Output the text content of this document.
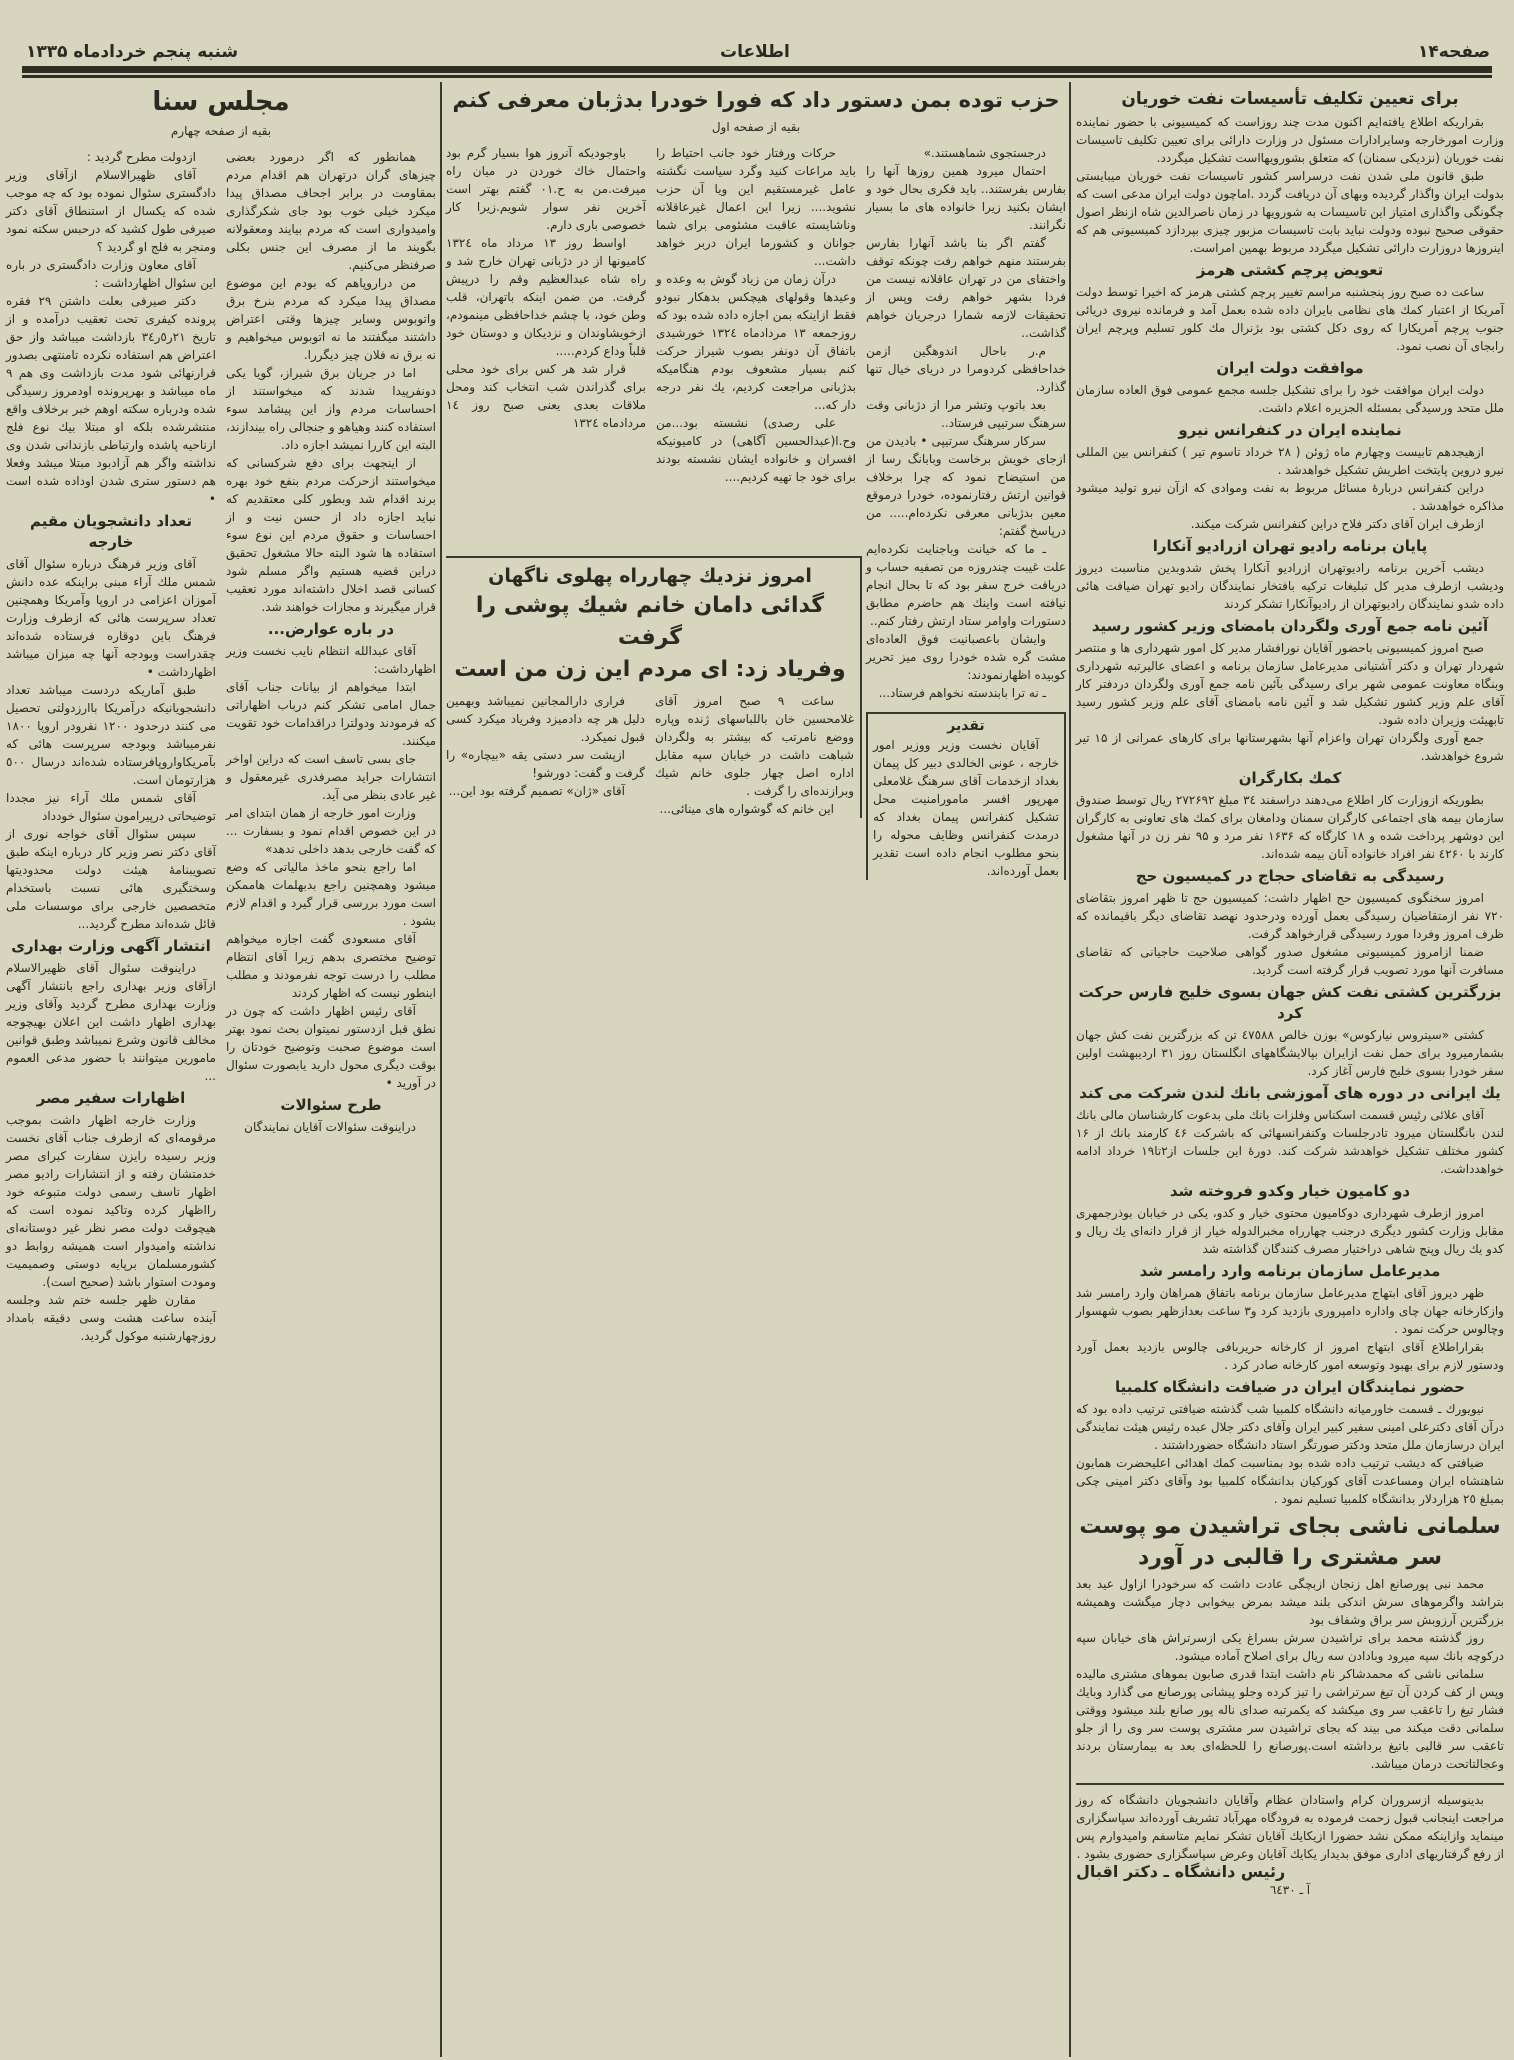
صفحه۱۴
اطلاعات
شنبه پنجم خردادماه ۱۳۳۵
برای تعیین تکلیف تأسیسات نفت خوریان

بقراریکه اطلاع یافته‌ایم اکنون مدت چند روزاست که کمیسیونی با حضور نماینده وزارت امورخارجه وسایرادارات مسئول در وزارت دارائی برای تعیین تکلیف تاسیسات نفت خوریان (نزدیکی سمنان) که متعلق بشورویهااست تشکیل میگردد.

طبق قانون ملی شدن نفت درسراسر کشور تاسیسات نفت خوریان میبایستی بدولت ایران واگذار گردیده وبهای آن دریافت گردد .اماچون دولت ایران مدعی است که چگونگی واگذاری امتیاز این تاسیسات به شورویها در زمان ناصرالدین شاه ازنظر اصول حقوقی صحیح نبوده ودولت نباید بابت تاسیسات مزبور چیزی بپردازد کمیسیونی هم که اینروزها دروزارت دارائی تشکیل میگردد مربوط بهمین امراست.

تعویض پرچم کشتی هرمز

ساعت ده صبح روز پنجشنبه مراسم تغییر پرچم کشتی هرمز که اخیرا توسط دولت آمریکا از اعتبار کمك های نظامی بایران داده شده بعمل آمد و فرمانده نیروی دریائی جنوب پرچم آمریکارا که روی دکل کشتی بود بژنرال مك کلور تسلیم وپرچم ایران رابجای آن نصب نمود.

موافقت دولت ایران

دولت ایران موافقت خود را برای تشکیل جلسه مجمع عمومی فوق العاده سازمان ملل متحد ورسیدگی بمسئله الجزیره اعلام داشت.

نماینده ایران در کنفرانس نیرو

ازهیجدهم تابیست وچهارم ماه ژوئن ( ۲۸ خرداد تاسوم تیر ) کنفرانس بین المللی نیرو دروین پایتخت اطریش تشکیل خواهدشد .

دراین کنفرانس دربارهٔ مسائل مربوط به نفت وموادی که ازآن نیرو تولید میشود مذاکره خواهدشد .

ازطرف ایران آقای دکتر فلاح دراین کنفرانس شرکت میکند.

پایان برنامه رادیو تهران ازرادیو آنکارا

دیشب آخرین برنامه رادیوتهران ازرادیو آنکارا پخش شدوبدین مناسبت دیروز ودیشب ازطرف مدیر کل تبلیغات ترکیه بافتخار نمایندگان رادیو تهران ضیافت هائی داده شدو نمایندگان رادیوتهران از رادیوآنکارا تشکر کردند

آئین نامه جمع آوری ولگردان بامضای وزیر کشور رسید

صبح امروز کمیسیونی باحضور آقایان نورافشار مدیر کل امور شهرداری ها و منتصر شهردار تهران و دکتر آشتیانی مدیرعامل سازمان برنامه و اعضای عالیرتبه شهرداری وبنگاه معاونت عمومی شهر برای رسیدگی بآئین نامه جمع آوری ولگردان دردفتر کار آقای علم وزیر کشور تشکیل شد و آئین نامه بامضای آقای علم وزیر کشور رسید تابهیئت وزیران داده شود.

جمع آوری ولگردان تهران واعزام آنها بشهرستانها برای کارهای عمرانی از ۱۵ تیر شروع خواهدشد.

کمك بکارگران

بطوریکه ازوزارت کار اطلاع می‌دهند دراسفند ۳٤ مبلغ ۲۷۲۶۹۲ ریال توسط صندوق سازمان بیمه های اجتماعی کارگران سمنان ودامغان برای کمك های تعاونی به کارگران این دوشهر پرداخت شده و ۱۸ کارگاه که ۱۶۳۶ نفر مرد و ۹۵ نفر زن در آنها مشغول کارند با ٤۲۶۰ نفر افراد خانواده آنان بیمه شده‌اند.

رسیدگی به تقاضای حجاج در کمیسیون حج

امروز سخنگوی کمیسیون حج اظهار داشت: کمیسیون حج تا ظهر امروز بتقاضای ۷۲۰ نفر ازمتقاضیان رسیدگی بعمل آورده ودرحدود نهصد تقاضای دیگر باقیمانده که ظرف امروز وفردا مورد رسیدگی قرارخواهد گرفت.

ضمنا ازامروز کمیسیونی مشغول صدور گواهی صلاحیت حاجیانی که تقاضای مسافرت آنها مورد تصویب قرار گرفته است گردید.

بزرگترین کشتی نفت کش جهان بسوی خلیج فارس حرکت کرد

کشتی «سیتروس نیارکوس» بوزن خالص ٤۷٥۸۸ تن که بزرگترین نفت کش جهان بشمارمیرود برای حمل نفت ازایران بپالایشگاههای انگلستان روز ۳۱ اردیبهشت اولین سفر خودرا بسوی خلیج فارس آغاز کرد.

یك ایرانی در دوره های آموزشی بانك لندن شرکت می کند

آقای علائی رئیس قسمت اسکناس وفلزات بانك ملی بدعوت کارشناسان مالی بانك لندن بانگلستان میرود تادرجلسات وکنفرانسهائی که باشرکت ٤۶ کارمند بانك از ۱۶ کشور مختلف تشکیل خواهدشد شرکت کند. دورهٔ این جلسات از۲تا۱۹ خرداد ادامه خواهدداشت.

دو کامیون خیار وکدو فروخته شد

امروز ازطرف شهرداری دوکامیون محتوی خیار و کدو، یکی در خیابان بوذرجمهری مقابل وزارت کشور دیگری درجنب چهارراه مخبرالدوله خیار از قرار دانه‌ای یك ریال و کدو یك ریال وپنج شاهی دراختیار مصرف کنندگان گذاشته شد

مدیرعامل سازمان برنامه وارد رامسر شد

ظهر دیروز آقای ابتهاج مدیرعامل سازمان برنامه باتفاق همراهان وارد رامسر شد وازکارخانه جهان چای واداره دامپروری بازدید کرد و۳ ساعت بعدازظهر بصوب شهسوار وچالوس حرکت نمود .

بقراراطلاع آقای ابتهاج امروز از کارخانه حریربافی چالوس بازدید بعمل آورد ودستور لازم برای بهبود وتوسعه امور کارخانه صادر کرد .

حضور نمایندگان ایران در ضیافت دانشگاه کلمبیا

نیویورك ـ قسمت خاورمیانه دانشگاه کلمبیا شب گذشته ضیافتی ترتیب داده بود که درآن آقای دکترعلی امینی سفیر کبیر ایران وآقای دکتر جلال عبده رئیس هیئت نمایندگی ایران درسازمان ملل متحد ودکتر صورتگر استاد دانشگاه حضورداشتند .

ضیافتی که دیشب ترتیب داده شده بود بمناسبت کمك اهدائی اعلیحضرت همایون شاهنشاه ایران ومساعدت آقای کورکیان بدانشگاه کلمبیا بود وآقای دکتر امینی چکی بمبلغ ۲٥ هزاردلار بدانشگاه کلمبیا تسلیم نمود .

سلمانی ناشی بجای تراشیدن مو پوست سر مشتری را قالبی در آورد

محمد نبی پورصانع اهل زنجان ازبچگی عادت داشت که سرخودرا ازاول عید بعد بتراشد واگرموهای سرش اندکی بلند میشد بمرض بیخوابی دچار میگشت وهمیشه بزرگترین آرزوبش سر براق وشفاف بود

روز گذشته محمد برای تراشیدن سرش بسراغ یکی ازسرتراش های خیابان سپه درکوچه بانك سپه میرود وبادادن سه ریال برای اصلاح آماده میشود.

سلمانی ناشی که محمدشاکر نام داشت ابتدا قدری صابون بموهای مشتری مالیده وپس از کف کردن آن تیغ سرتراشی را تیز کرده وجلو پیشانی پورصانع می گذارد وبایك فشار تیغ را تاعقب سر وی میکشد که یکمرتبه صدای ناله پور صانع بلند میشود ووقتی سلمانی دقت میکند می بیند که بجای تراشیدن سر مشتری پوست سر وی را از جلو تاعقب سر قالبی باتیغ برداشته است.پورصانع را للحظه‌ای بعد به بیمارستان بردند وعجالتاتحت درمان میباشد.

بدینوسیله ازسروران کرام واستادان عظام وآقایان دانشجویان دانشگاه که روز مراجعت اینجانب قبول زحمت فرموده به فرودگاه مهرآباد تشریف آورده‌اند سپاسگزاری مینماید وازاینکه ممکن نشد حضورا ازیکایك آقایان تشکر نمایم متاسفم وامیدوارم پس از رفع گرفتاریهای اداری موفق بدیدار یکایك آقایان وعرض سپاسگزاری حضوری بشود .

رئیس دانشگاه ـ دکتر اقبال

آ ـ ٦٤۳۰

حزب توده بمن دستور داد که فورا خودرا بدژبان معرفی کنم
بقیه از صفحه اول

درجستجوی شماهستند.»

احتمال میرود همین روزها آنها را بفارس بفرستند.. باید فکری بحال خود و ایشان بکنید زیرا خانواده های ما بسیار نگرانند.

گفتم اگر بنا باشد آنهارا بفارس بفرستند منهم خواهم رفت چونکه توقف واختفای من در تهران عاقلانه نیست من فردا بشهر خواهم رفت وپس از تحقیقات لازمه شمارا درجریان خواهم گذاشت..

م.ر باحال اندوهگین ازمن خداحافظی کردومرا در دریای خیال تنها گذارد.

بعد باتوپ وتشر مرا از دژبانی وقت سرهنگ سرتیپی فرستاد..

سرکار سرهنگ سرتیپی • بادیدن من ازجای خویش برخاست وبابانگ رسا از من استیضاح نمود که چرا برخلاف قوانین ارتش رفتارنموده، خودرا درموقع معین بدژبانی معرفی نکرده‌ام..... من درپاسخ گفتم:

ـ ما که خیانت وباجنایت نکرده‌ایم علت غیبت چندروزه من تصفیه حساب و دریافت خرج سفر بود که تا بحال انجام نیافته است واینك هم حاضرم مطابق دستورات واوامر ستاد ارتش رفتار کنم..

وایشان باعصبانیت فوق العاده‌ای مشت گره شده خودرا روی میز تحریر کوبیده اظهارنمودند:

ـ نه ترا بابندسته نخواهم فرستاد...

تقدیر

آقایان نخست وزیر ووزیر امور خارجه ، عونی الخالدی دبیر کل پیمان بغداد ازخدمات آقای سرهنگ غلامعلی مهرپور افسر مامورامنیت محل تشکیل کنفرانس پیمان بغداد که درمدت کنفرانس وظایف محوله را بنحو مطلوب انجام داده است تقدیر بعمل آورده‌اند.

حرکات ورفتار خود جانب احتیاط را باید مراعات کنید وگرد سیاست نگشته عامل غیرمستقیم این ویا آن حزب نشوید.... زیرا این اعمال غیرعاقلانه وناشایسته عاقبت مشئومی برای شما جوانان و کشورما ایران دربر خواهد داشت...

درآن زمان من زیاد گوش به وعده و وعیدها وقولهای هیچکس بدهکار نبودو فقط ازاینکه بمن اجازه داده شده بود که روزجمعه ۱۳ مردادماه ۱۳۲٤ خورشیدی باتفاق آن دونفر بصوب شیراز حرکت کنم بسیار مشعوف بودم هنگامیکه بدژبانی مراجعت کردیم، یك نفر درجه دار که...

علی رصدی) نشسته بود...من وح.ا(عبدالحسین آگاهی) در کامیونیکه افسران و خانواده ایشان نشسته بودند برای خود جا تهیه کردیم....

باوجودیکه آنروز هوا بسیار گرم بود واحتمال خاك خوردن در میان راه میرفت.من به ح.۰۱ گفتم بهتر است آخرین نفر سوار شویم.زیرا کار خصوصی باری دارم.

اواسط روز ۱۳ مرداد ماه ۱۳۲٤ کامیونها از در دژبانی تهران خارج شد و راه شاه عبدالعظیم وقم را درپیش گرفت. من ضمن اینکه باتهران، قلب وطن خود، با چشم خداحافظی مینمودم، ازخویشاوندان و نزدیکان و دوستان خود قلباً وداع کردم.....

قرار شد هر کس برای خود محلی برای گذراندن شب انتخاب کند ومحل ملاقات بعدی یعنی صبح روز ۱٤ مردادماه ۱۳۲٤

امروز نزدیك چهارراه پهلوی ناگهان
گدائی دامان خانم شیك پوشی را گرفت
وفریاد زد: ای مردم این زن من است

ساعت ۹ صبح امروز آقای غلامحسین خان باللباسهای ژنده وپاره ووضع نامرتب که بیشتر به ولگردان شباهت داشت در خیابان سپه مقابل اداره اصل چهار جلوی خانم شیك وبرازنده‌ای را گرفت .

این خانم که گوشواره های مینائی...

فراری دارالمجانین نمیباشد وبهمین دلیل هر چه دادمیزد وفریاد میکرد کسی قبول نمیکرد.

ازپشت سر دستی یقه «بیچاره» را گرفت و گفت: دورشو!

آقای «ژان» تصمیم گرفته بود این...

مجلس سنا
بقیه از صفحه چهارم

همانطور که اگر درمورد بعضی چیزهای گران درتهران هم اقدام مردم بمقاومت در برابر اجحاف مصداق پیدا میکرد خیلی خوب بود جای شکرگذاری وامیدواری است که مردم بیایند ومعقولانه بگویند ما از مصرف این جنس بکلی صرفنظر می‌کنیم.

من دراروپاهم که بودم این موضوع مصداق پیدا میکرد که مردم بنرخ برق واتوبوس وسایر چیزها وقتی اعتراض داشتند میگفتند ما نه اتوبوس میخواهیم و نه برق نه فلان چیز دیگررا.

اما در جریان برق شیراز، گویا یکی دونفرپیدا شدند که میخواستند از احساسات مردم واز این پیشامد سوء استفاده کنند وهیاهو و جنجالی راه بیندازند، البته این کاررا نمیشد اجازه داد.

از اینجهت برای دفع شرکسانی که میخواستند ازحرکت مردم بنفع خود بهره برند اقدام شد وبطور کلی معتقدیم که نباید اجازه داد از حسن نیت و از احساسات و حقوق مردم این نوع سوء استفاده ها شود البته حالا مشغول تحقیق دراین قضیه هستیم واگر مسلم شود کسانی قصد اخلال داشته‌اند مورد تعقیب قرار میگیرند و مجازات خواهند شد.

در باره عوارض...

آقای عبدالله انتظام نایب نخست وزیر اظهارداشت:

ابتدا میخواهم از بیانات جناب آقای جمال امامی تشکر کنم درباب اظهاراتی که فرمودند ودولترا دراقدامات خود تقویت میکنند.

جای بسی تاسف است که دراین اواخر انتشارات جراید مصرفدری غیرمعقول و غیر عادی بنظر می آید.

وزارت امور خارجه از همان ابتدای امر در این خصوص اقدام نمود و بسفارت ... که گفت خارجی بدهد داخلی ندهد»

اما راجع بنحو ماخذ مالیاتی که وضع میشود وهمچنین راجع بدبهلمات هاممکن است مورد بررسی قرار گیرد و اقدام لازم بشود .

آقای مسعودی گفت اجازه میخواهم توضیح مختصری بدهم زیرا آقای انتظام مطلب را درست توجه نفرمودند و مطلب اینطور نیست که اظهار کردند

آقای رئیس اظهار داشت که چون در نطق قبل ازدستور نمیتوان بحث نمود بهتر است موضوع صحبت وتوضیح خودتان را بوقت دیگری محول دارید یابصورت سئوال در آورید •

طرح سئوالات

دراینوقت سئوالات آقایان نمایندگان

ازدولت مطرح گردید :

آقای ظهیرالاسلام ازآقای وزیر دادگستری سئوال نموده بود که چه موجب شده که یکسال از استنطاق آقای دکتر صیرفی طول کشید که درحبس سکته نمود ومنجر به فلج او گردید ؟

آقای معاون وزارت دادگستری در باره این سئوال اظهارداشت :

دکتر صیرفی بعلت داشتن ۲۹ فقره پرونده کیفری تحت تعقیب درآمده و از تاریخ ۲۱ر٥ر۳٤ بازداشت میباشد واز حق اعتراض هم استفاده نکرده تامنتهی بصدور قرارنهائی شود مدت بازداشت وی هم ۹ ماه میباشد و بهرپرونده اودمروز رسیدگی شده ودرباره سکته اوهم خبر برخلاف واقع منتشرشده بلکه او مبتلا بیك نوع فلج ازناحیه پاشده وارتباطی بازندانی شدن وی نداشته واگر هم آزادبود مبتلا میشد وفعلا هم دستور ستری شدن اوداده شده است •

تعداد دانشجویان مقیم خارجه

آقای وزیر فرهنگ درباره سئوال آقای شمس ملك آراء مبنی براینکه عده دانش آموزان اعزامی در اروپا وآمریکا وهمچنین تعداد سرپرست هائی که ازطرف وزارت فرهنگ باین دوقاره فرستاده شده‌اند چقدراست وبودجه آنها چه میزان میباشد اظهارداشت •

طبق آماریکه دردست میباشد تعداد دانشجویانیکه درآمریکا باارزدولتی تحصیل می کنند درحدود ۱۲۰۰ نفرودر اروپا ۱۸۰۰ نفرمیباشد وبودجه سرپرست هائی که بآمریکاواروپافرستاده شده‌اند درسال ٥۰۰ هزارتومان است.

آقای شمس ملك آراء نیز مجددا توضیحاتی درپیرامون سئوال خودداد

سپس سئوال آقای خواجه نوری از آقای دکتر نصر وزیر کار درباره اینکه طبق تصویبنامهٔ هیئت دولت محدودیتها وسختگیری هائی نسبت باستخدام متخصصین خارجی برای موسسات ملی قائل شده‌اند مطرح گردید...

انتشار آگهی وزارت بهداری

دراینوقت سئوال آقای ظهیرالاسلام ازآقای وزیر بهداری راجع بانتشار آگهی وزارت بهداری مطرح گردید وآقای وزیر بهداری اظهار داشت این اعلان بهیچوجه مخالف قانون وشرع نمیباشد وطبق قوانین مامورین میتوانند با حضور مدعی العموم ...

اظهارات سفیر مصر

وزارت خارجه اظهار داشت بموجب مرقومه‌ای که ازطرف جناب آقای نخست وزیر رسیده رایزن سفارت کبرای مصر خدمتشان رفته و از انتشارات رادیو مصر اظهار تاسف رسمی دولت متبوعه خود رااظهار کرده وتاکید نموده است که هیچوقت دولت مصر نظر غیر دوستانه‌ای نداشته وامیدوار است همیشه روابط دو کشورمسلمان برپایه دوستی وصمیمیت ومودت استوار باشد (صحیح است).

مقارن ظهر جلسه ختم شد وجلسه آینده ساعت هشت وسی دقیقه بامداد روزچهارشنبه موکول گردید.
